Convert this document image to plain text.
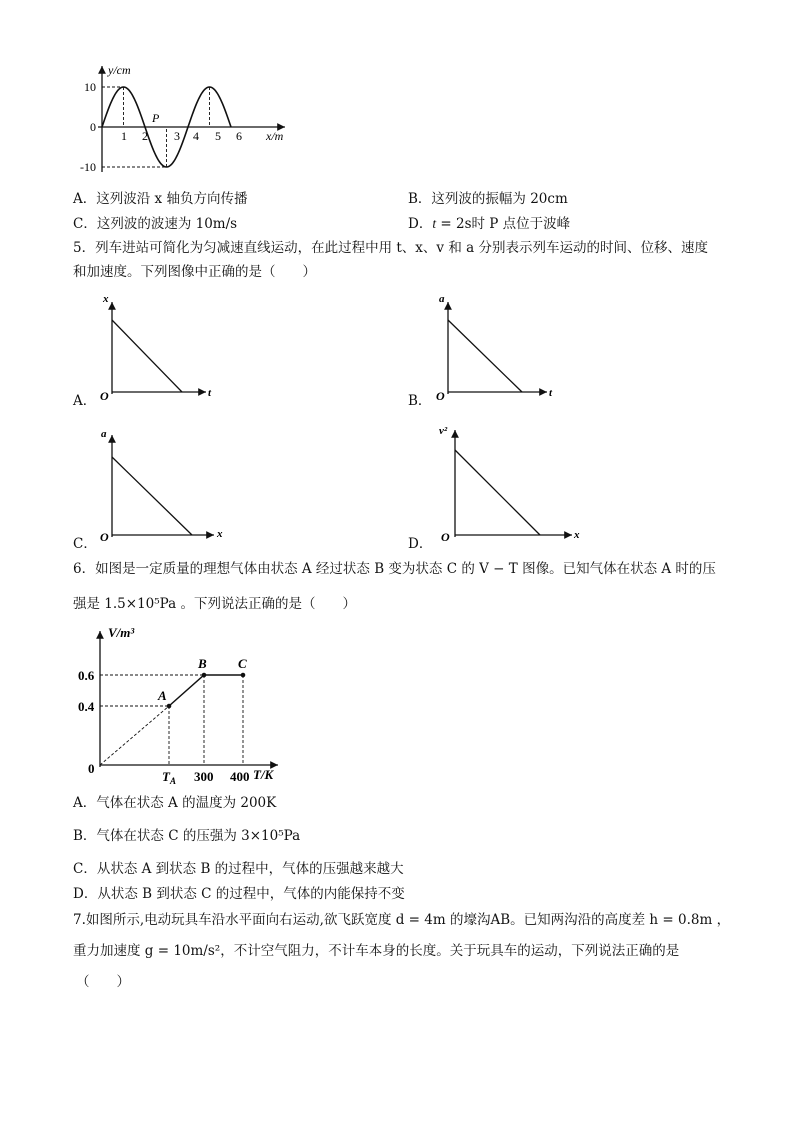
y/cm
x/m
10
-10
0
1 2 3 4 5 6
P
A．这列波沿 x 轴负方向传播	B．这列波的振幅为 20cm
C．这列波的波速为 10m/s	D．t = 2s时 P 点位于波峰
5．列车进站可简化为匀减速直线运动，在此过程中用 t、x、v 和 a 分别表示列车运动的时间、位移、速度
和加速度。下列图像中正确的是（　　）
A．
x
t
O	B．
a
t
O
C．
a
x
O	D．
v²
x
O
6．如图是一定质量的理想气体由状态 A 经过状态 B 变为状态 C 的 V − T 图像。已知气体在状态 A 时的压
强是 1.5×10⁵Pa 。下列说法正确的是（　　）
V/m³
T/K
0.6
0.4
0
300 400
$T_A$
A
B C
A．气体在状态 A 的温度为 200K
B．气体在状态 C 的压强为 3×10⁵Pa
C．从状态 A 到状态 B 的过程中，气体的压强越来越大
D．从状态 B 到状态 C 的过程中，气体的内能保持不变
7.如图所示,电动玩具车沿水平面向右运动,欲飞跃宽度 d = 4m 的壕沟AB。已知两沟沿的高度差 h = 0.8m ，
重力加速度 g = 10m/s²，不计空气阻力，不计车本身的长度。关于玩具车的运动，下列说法正确的是
（　　）
